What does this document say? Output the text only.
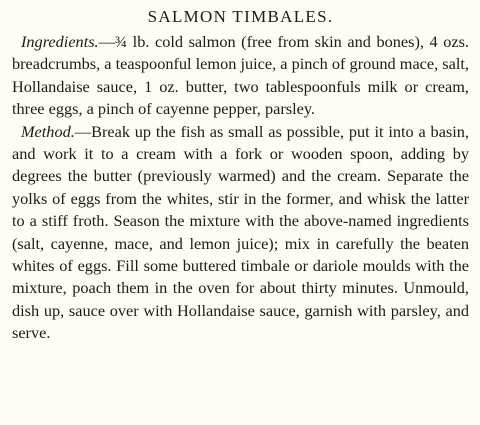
SALMON TIMBALES.

Ingredients.—¾ lb. cold salmon (free from skin and bones), 4 ozs. breadcrumbs, a teaspoonful lemon juice, a pinch of ground mace, salt, Hollandaise sauce, 1 oz. butter, two tablespoonfuls milk or cream, three eggs, a pinch of cayenne pepper, parsley.

Method.—Break up the fish as small as possible, put it into a basin, and work it to a cream with a fork or wooden spoon, adding by degrees the butter (previously warmed) and the cream. Separate the yolks of eggs from the whites, stir in the former, and whisk the latter to a stiff froth. Season the mixture with the above-named ingredients (salt, cayenne, mace, and lemon juice); mix in carefully the beaten whites of eggs. Fill some buttered timbale or dariole moulds with the mixture, poach them in the oven for about thirty minutes. Unmould, dish up, sauce over with Hollandaise sauce, garnish with parsley, and serve.
